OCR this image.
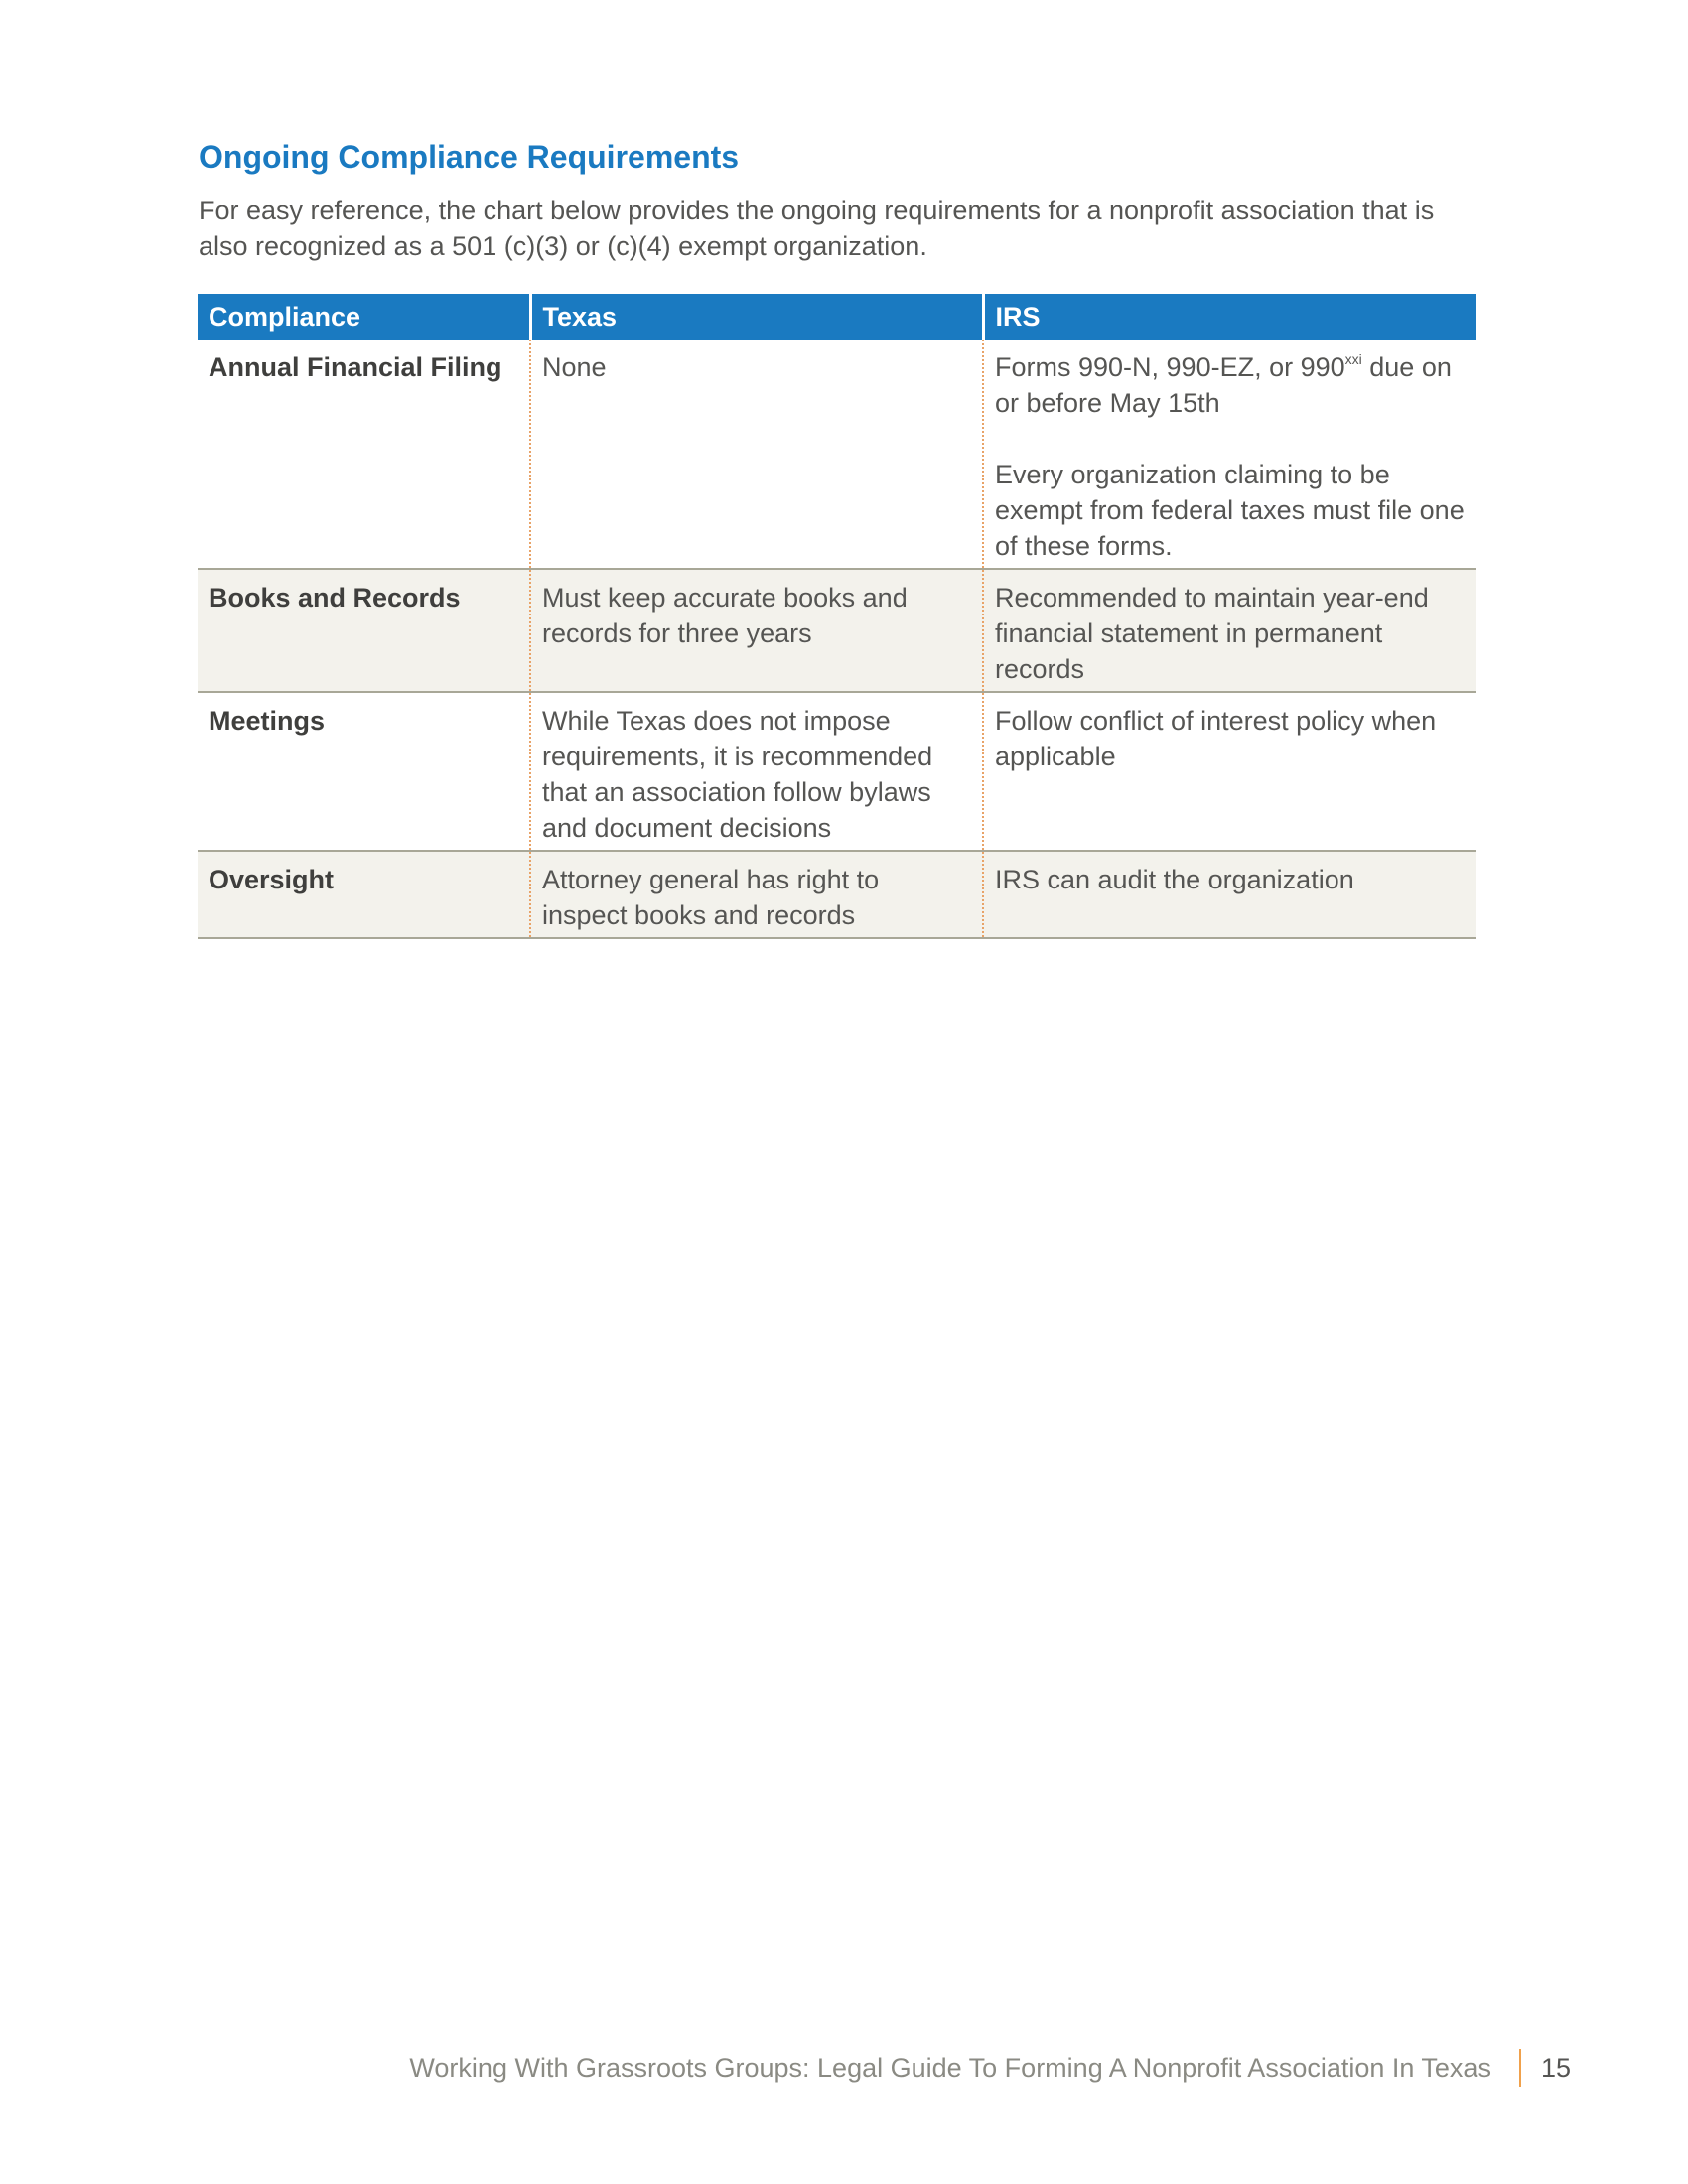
Ongoing Compliance Requirements

For easy reference, the chart below provides the ongoing requirements for a nonprofit association that is
also recognized as a 501 (c)(3) or (c)(4) exempt organization.

Compliance	Texas	IRS
Annual Financial Filing	None	Forms 990-N, 990-EZ, or 990$^{xxi}$ due on or before May 15th
Every organization claiming to be exempt from federal taxes must file one of these forms.

Books and Records	Must keep accurate books and records for three years	Recommended to maintain year-end financial statement in permanent records
Meetings	While Texas does not impose requirements, it is recommended that an association follow bylaws and document decisions	Follow conflict of interest policy when applicable
Oversight	Attorney general has right to inspect books and records	IRS can audit the organization
Working With Grassroots Groups: Legal Guide To Forming A Nonprofit Association In Texas 15
